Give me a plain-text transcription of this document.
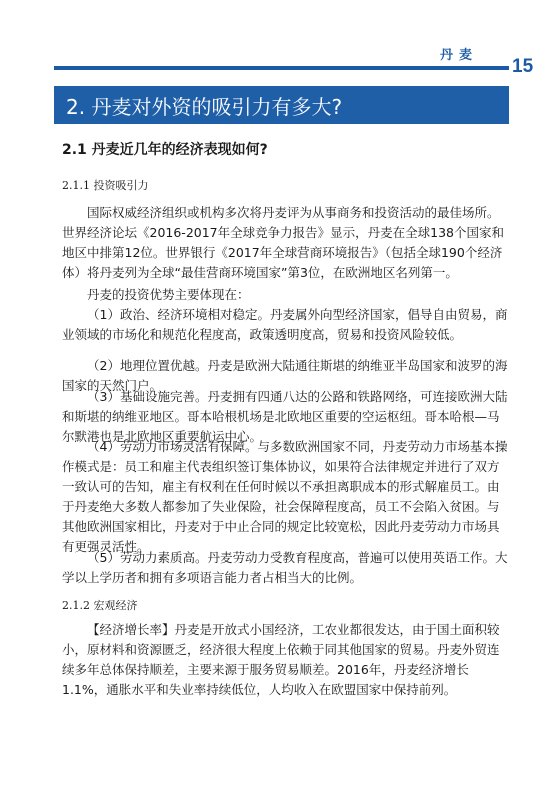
丹麦
15
2. 丹麦对外资的吸引力有多大?
2.1 丹麦近几年的经济表现如何?
2.1.1 投资吸引力

国际权威经济组织或机构多次将丹麦评为从事商务和投资活动的最佳场所。世界经济论坛《2016-2017年全球竞争力报告》显示，丹麦在全球138个国家和地区中排第12位。世界银行《2017年全球营商环境报告》（包括全球190个经济体）将丹麦列为全球“最佳营商环境国家”第3位，在欧洲地区名列第一。

丹麦的投资优势主要体现在：

（1）政治、经济环境相对稳定。丹麦属外向型经济国家，倡导自由贸易，商业领域的市场化和规范化程度高，政策透明度高，贸易和投资风险较低。

（2）地理位置优越。丹麦是欧洲大陆通往斯堪的纳维亚半岛国家和波罗的海国家的天然门户。

（3）基础设施完善。丹麦拥有四通八达的公路和铁路网络，可连接欧洲大陆和斯堪的纳维亚地区。哥本哈根机场是北欧地区重要的空运枢纽。哥本哈根—马尔默港也是北欧地区重要航运中心。

（4）劳动力市场灵活有保障。与多数欧洲国家不同，丹麦劳动力市场基本操作模式是：员工和雇主代表组织签订集体协议，如果符合法律规定并进行了双方一致认可的告知，雇主有权利在任何时候以不承担离职成本的形式解雇员工。由于丹麦绝大多数人都参加了失业保险，社会保障程度高，员工不会陷入贫困。与其他欧洲国家相比，丹麦对于中止合同的规定比较宽松，因此丹麦劳动力市场具有更强灵活性。

（5）劳动力素质高。丹麦劳动力受教育程度高，普遍可以使用英语工作。大学以上学历者和拥有多项语言能力者占相当大的比例。

2.1.2 宏观经济

【经济增长率】丹麦是开放式小国经济，工农业都很发达，由于国土面积较小，原材料和资源匮乏，经济很大程度上依赖于同其他国家的贸易。丹麦外贸连续多年总体保持顺差，主要来源于服务贸易顺差。2016年，丹麦经济增长1.1%，通胀水平和失业率持续低位，人均收入在欧盟国家中保持前列。
